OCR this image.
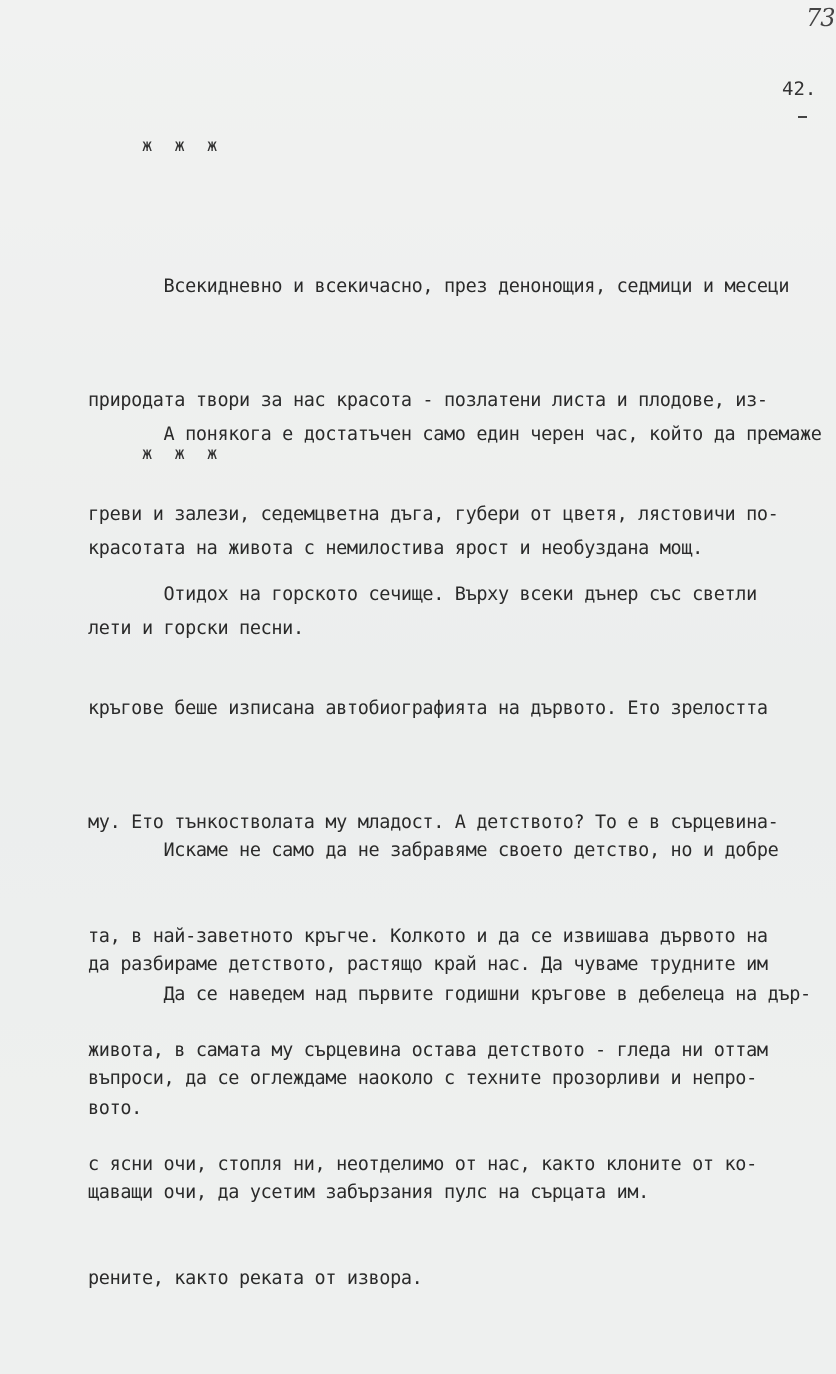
73
42.
ж ж ж

Всекидневно и всекичасно, през денонощия, седмици и месеци

природата твори за нас красота - позлатени листа и плодове, из-

греви и залези, седемцветна дъга, губери от цветя, лястовичи по-

лети и горски песни.

А понякога е достатъчен само един черен час, който да премаже

красотата на живота с немилостива ярост и необуздана мощ.

ж ж ж

Отидох на горското сечище. Върху всеки дънер със светли

кръгове беше изписана автобиографията на дървото. Ето зрелостта

му. Ето тънкостволата му младост. А детството? То е в сърцевина-

та, в най-заветното кръгче. Колкото и да се извишава дървото на

живота, в самата му сърцевина остава детството - гледа ни оттам

с ясни очи, стопля ни, неотделимо от нас, както клоните от ко-

рените, както реката от извора.

Искаме не само да не забравяме своето детство, но и добре

да разбираме детството, растящо край нас. Да чуваме трудните им

въпроси, да се оглеждаме наоколо с техните прозорливи и непро-

щаващи очи, да усетим забързания пулс на сърцата им.

Да се наведем над първите годишни кръгове в дебелеца на дър-

вото.
